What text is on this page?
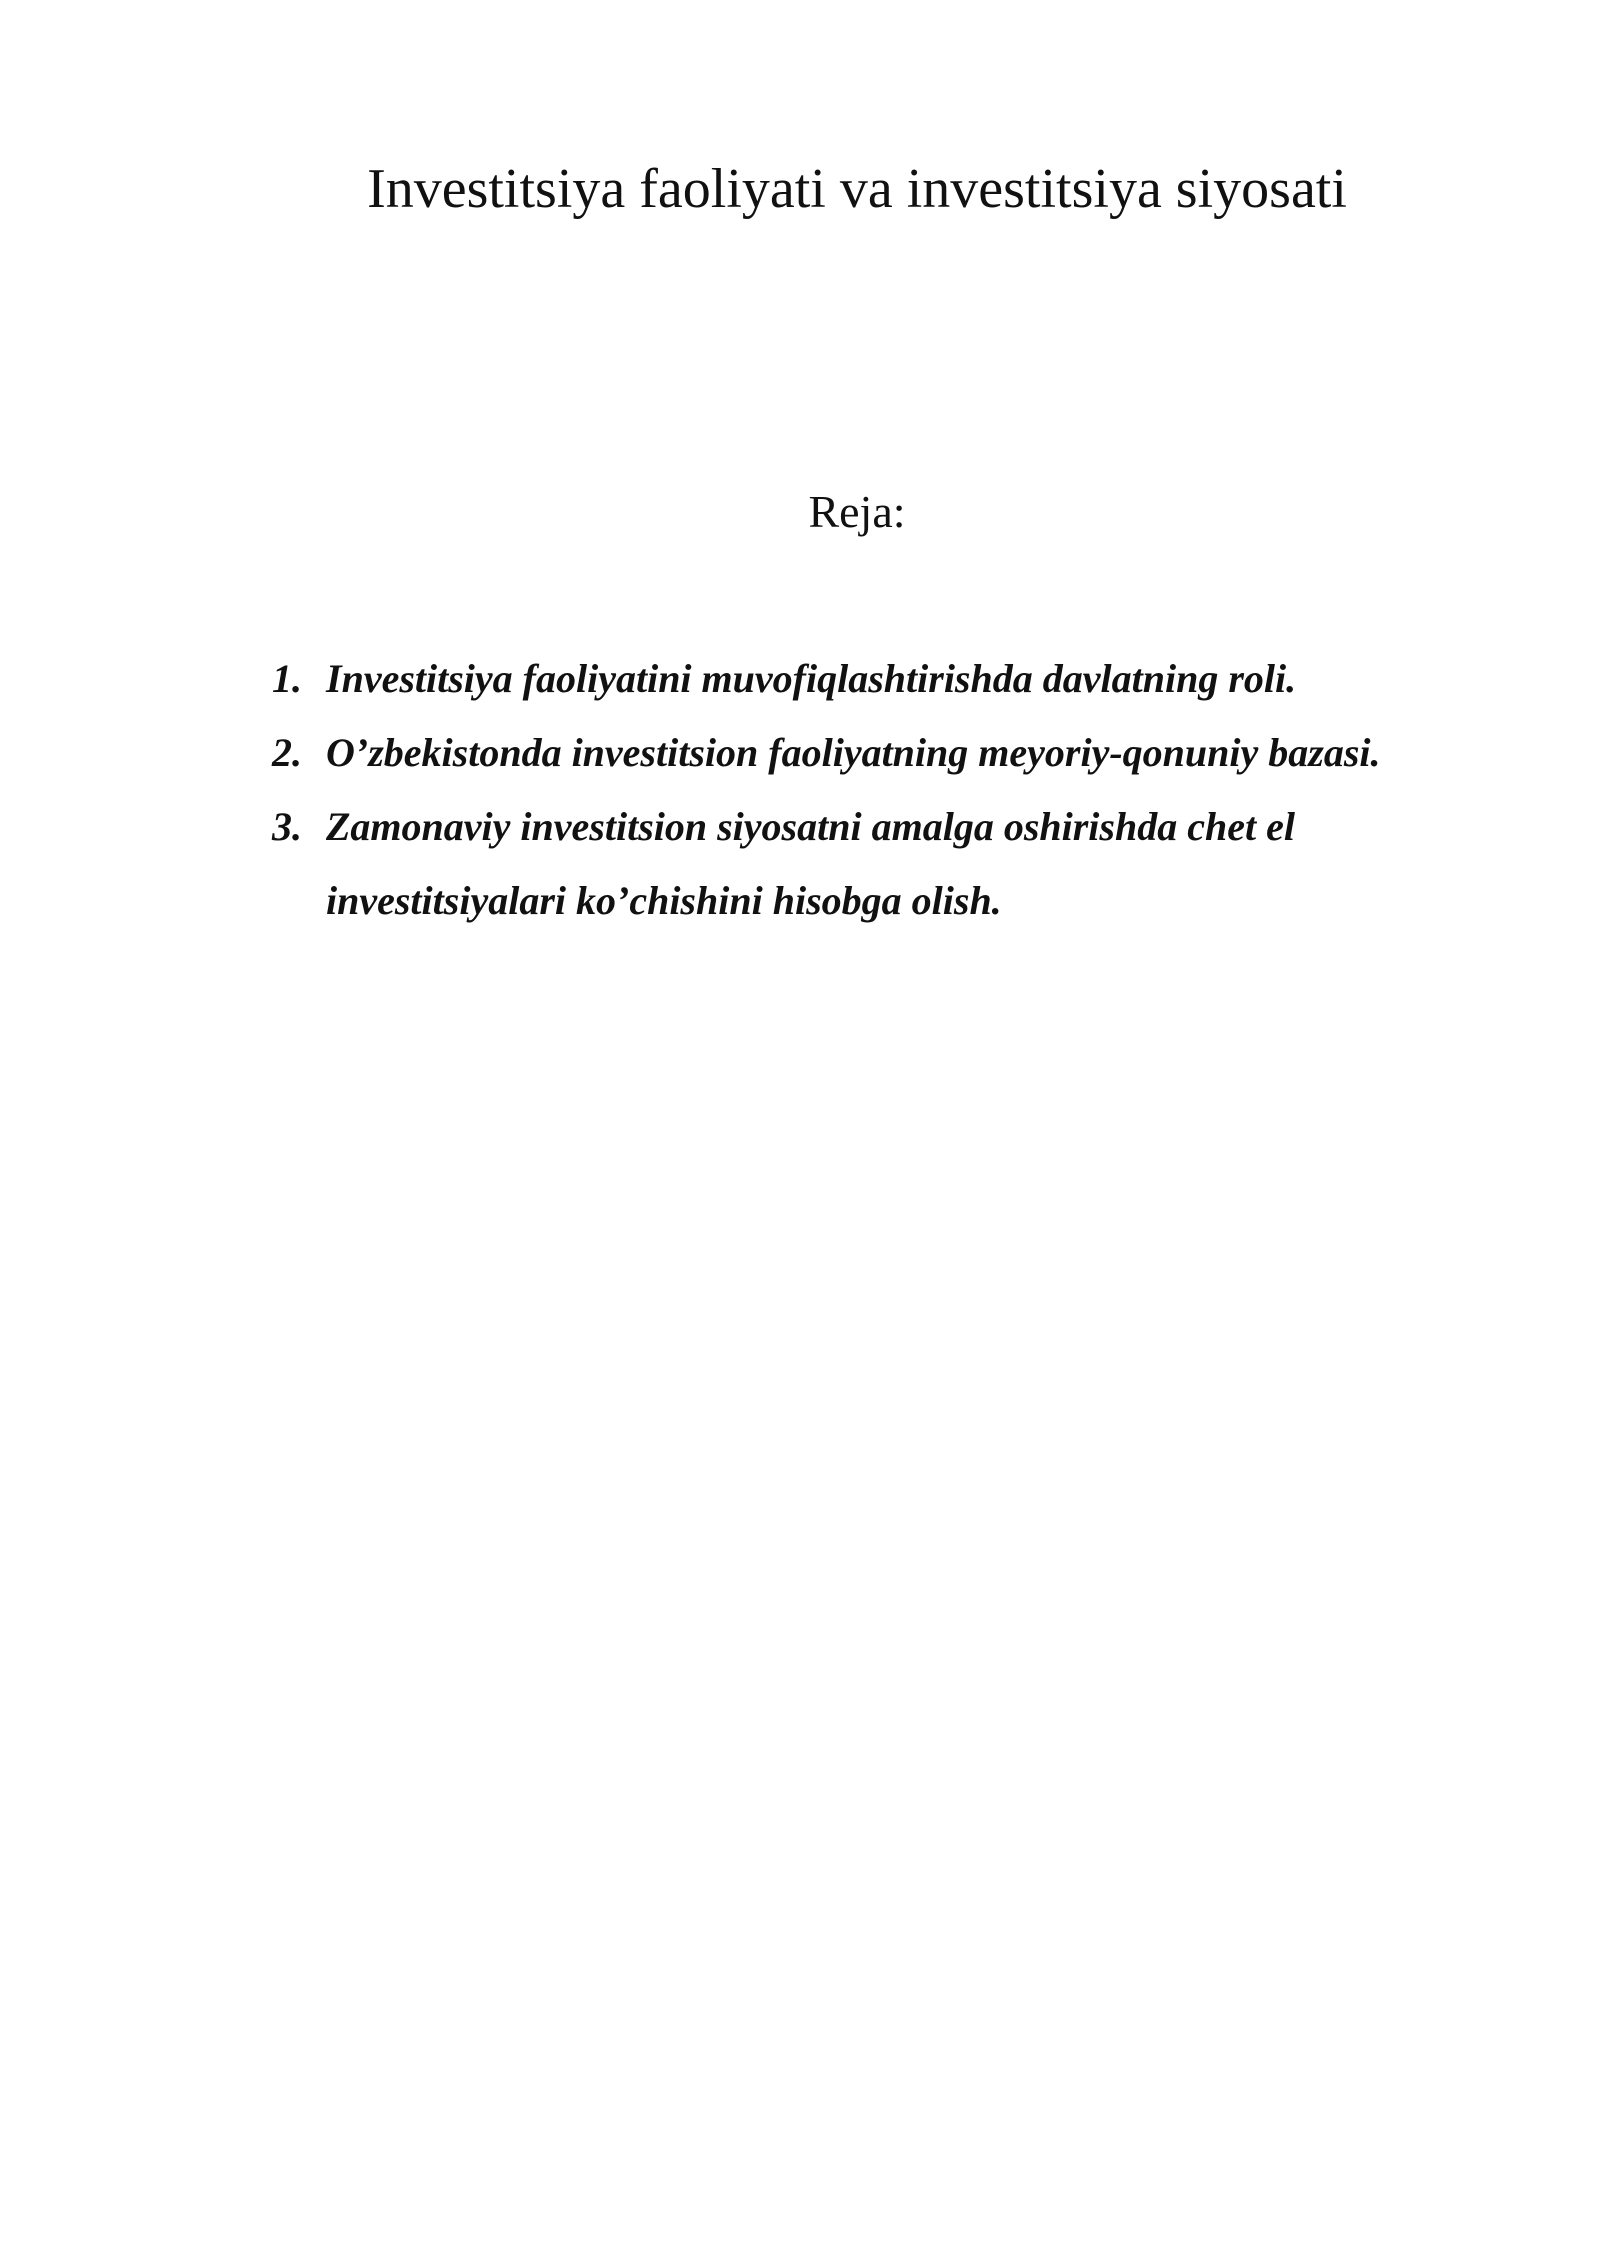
Investitsiya faoliyati va investitsiya siyosati
Reja:
1. Investitsiya faoliyatini muvofiqlashtirishda davlatning roli.
2. O’zbekistonda investitsion faoliyatning meyoriy-qonuniy bazasi.
3. Zamonaviy investitsion siyosatni amalga oshirishda chet el investitsiyalari ko’chishini hisobga olish.
